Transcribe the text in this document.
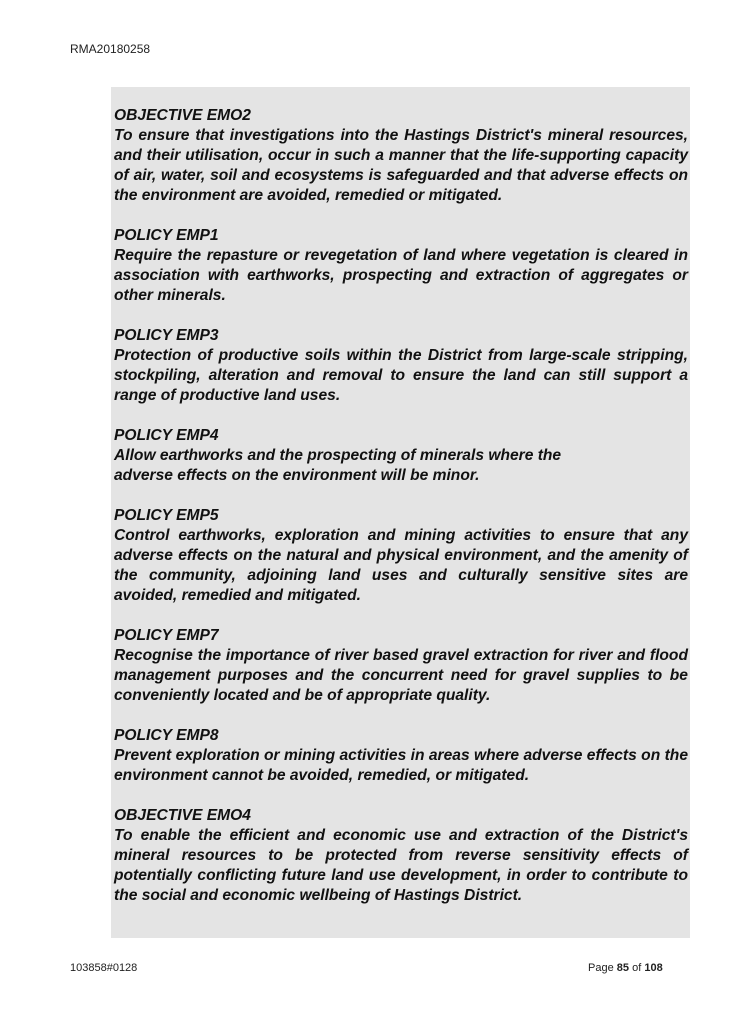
RMA20180258
OBJECTIVE EMO2
To ensure that investigations into the Hastings District's mineral resources, and their utilisation, occur in such a manner that the life-supporting capacity of air, water, soil and ecosystems is safeguarded and that adverse effects on the environment are avoided, remedied or mitigated.
POLICY EMP1
Require the repasture or revegetation of land where vegetation is cleared in association with earthworks, prospecting and extraction of aggregates or other minerals.
POLICY EMP3
Protection of productive soils within the District from large-scale stripping, stockpiling, alteration and removal to ensure the land can still support a range of productive land uses.
POLICY EMP4
Allow earthworks and the prospecting of minerals where the
adverse effects on the environment will be minor.
POLICY EMP5
Control earthworks, exploration and mining activities to ensure that any adverse effects on the natural and physical environment, and the amenity of the community, adjoining land uses and culturally sensitive sites are avoided, remedied and mitigated.
POLICY EMP7
Recognise the importance of river based gravel extraction for river and flood management purposes and the concurrent need for gravel supplies to be conveniently located and be of appropriate quality.
POLICY EMP8
Prevent exploration or mining activities in areas where adverse effects on the environment cannot be avoided, remedied, or mitigated.
OBJECTIVE EMO4
To enable the efficient and economic use and extraction of the District's mineral resources to be protected from reverse sensitivity effects of potentially conflicting future land use development, in order to contribute to the social and economic wellbeing of Hastings District.
103858#0128	Page 85 of 108
